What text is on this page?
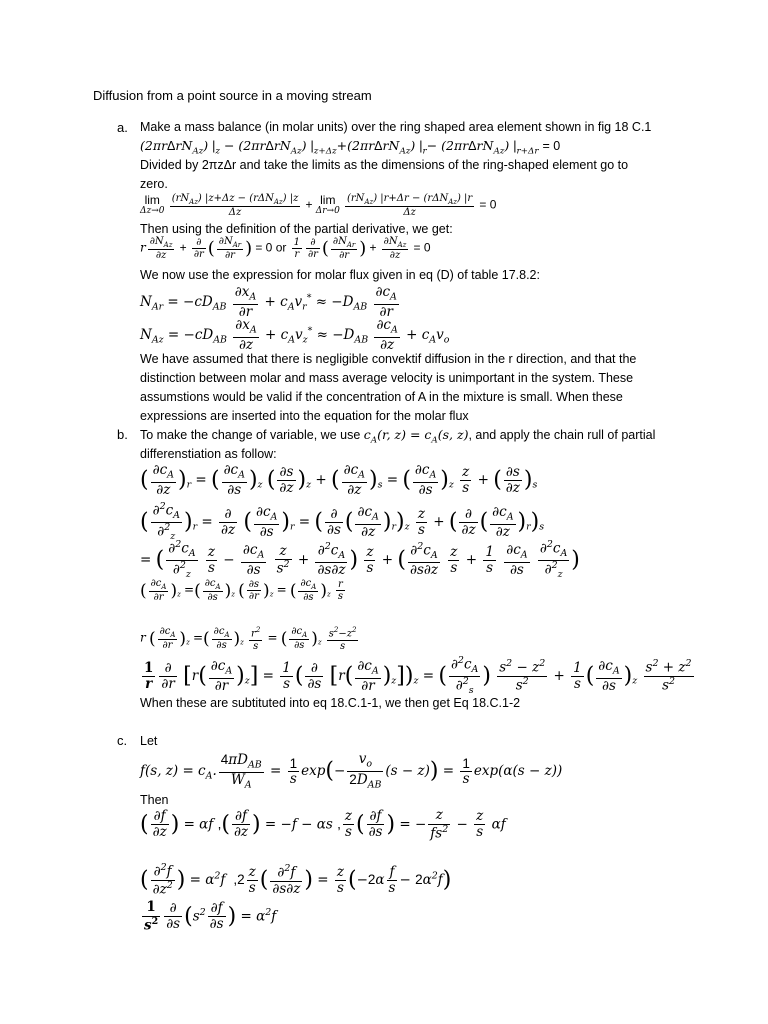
Diffusion from a point source in a moving stream
a. Make a mass balance (in molar units) over the ring shaped area element shown in fig 18 C.1
(2πrΔrN$_{Az}$) $|_z - (2\pi r\Delta rN_{Az})$ $|_{z+\Delta z}+(2\pi r\Delta rN_{Az})$ $|_r- (2\pi r\Delta rN_{Az}) |_{r+\Delta r} = 0$
Divided by 2πzΔr and take the limits as the dimensions of the ring-shaped element go to
zero.
lim
Δz→0
$\frac{(rN_{Az}) |z+\Delta z - (r\Delta N_{Az}) |z}{\Delta z} + \lim$
Δr→0
$\frac{(rN_{Az}) |r+\Delta r - (r\Delta N_{Az}) |r}{\Delta z} = 0$
Then using the definition of the partial derivative, we get:
r $\frac{\partial N_{Az}}{\partial z} + \frac{\partial}{\partial r}$ ( $\frac{\partial N_{Ar}}{\partial r}$ ) = 0 or $\frac{1}{r} \frac{\partial}{\partial r}$ ( $\frac{\partial N_{Ar}}{\partial r}$ ) + $\frac{\partial N_{Az}}{\partial z} = 0$
We now use the expression for molar flux given in eq (D) of table 17.8.2:
$N_{Ar} = -cD_{AB} \frac{\partial x_A}{\partial r} + c_Av_r^* \approx -D_{AB} \frac{\partial c_A}{\partial r}$
$N_{Az} = -cD_{AB} \frac{\partial x_A}{\partial z} + c_Av_z^* \approx -D_{AB} \frac{\partial c_A}{\partial z} + c_Av_o$
We have assumed that there is negligible convektif diffusion in the r direction, and that the
distinction between molar and mass average velocity is unimportant in the system. These
assumstions would be valid if the concentration of A in the mixture is small. When these
expressions are inserted into the equation for the molar flux
b. To make the change of variable, we use $c_A(r$, $z) = c_A(s$, z), and apply the chain rull of partial
differenstiation as follow:
( $\frac{\partial c_A}{\partial z} )_r$ = ( $\frac{\partial c_A}{\partial s} )_z$ ( $\frac{\partial s}{\partial z} )_z$ + ( $\frac{\partial c_A}{\partial z} )_s$ = ( $\frac{\partial c_A}{\partial s} )_z \frac{z}{s}$ + ( $\frac{\partial s}{\partial z} )_s$
( $\frac{\partial^2c_A}{\partial^2_z} )_r = \frac{\partial}{\partial z}$ ( $\frac{\partial c_A}{\partial s} )_r$ = ( $\frac{\partial}{\partial s}$ ( $\frac{\partial c_A}{\partial z} )_r)_z \frac{z}{s}$ + ( $\frac{\partial}{\partial z}$ ( $\frac{\partial c_A}{\partial z} )_r)_s$
= ( $\frac{\partial^2c_A}{\partial^2_z}$
$\frac{z}{s} - \frac{\partial c_A}{\partial s}$
$\frac{z}{s^2} + \frac{\partial^2c_A}{\partial s\partial z}$ ) $\frac{z}{s}$ + ( $\frac{\partial^2c_A}{\partial s\partial z}$
$\frac{z}{s} + \frac{1}{s}$
$\frac{\partial c_A}{\partial s}$
$\frac{\partial^2c_A}{\partial^2_z}$ )
( $\frac{\partial c_A}{\partial r} )_z$ =( $\frac{\partial c_A}{\partial s} )_z$ ( $\frac{\partial s}{\partial r} )_z$ = ( $\frac{\partial c_A}{\partial s} )_z \frac{r}{s}$
r ( $\frac{\partial c_A}{\partial r} )_z$ =( $\frac{\partial c_A}{\partial s} )_z \frac{r^2}{s}$ = ( $\frac{\partial c_A}{\partial s} )_z \frac{s^2-z^2}{s}$
$\frac{1}{r} \frac{\partial}{\partial r} [r( \frac{\partial c_A}{\partial r} )_z] = \frac{1}{s}$ ( $\frac{\partial}{\partial s} [r( \frac{\partial c_A}{\partial r} )_z])_z$ = ( $\frac{\partial^2c_A}{\partial^2_s}$ ) $\frac{s^2 - z^2}{s^2} + \frac{1}{s}$ ( $\frac{\partial c_A}{\partial s} )_z \frac{s^2 + z^2}{s^2}$
When these are subtituted into eq 18.C.1-1, we then get Eq 18.C.1-2
c. Let
f(s, $z) = c_A$. $\frac{4\pi D_{AB}}{W_A} = \frac{1}{s} \exp(- \frac{v_o}{2D_{AB}} (s - z)) = \frac{1}{s} \exp(\alpha(s - z))$
Then
( $\frac{\partial f}{\partial z}$ ) = αf ,( $\frac{\partial f}{\partial z}$ ) = −f − αs , $\frac{z}{s}$ ( $\frac{\partial f}{\partial s}$ ) = − $\frac{z}{fs^2} - \frac{z}{s}$ αf
( $\frac{\partial^2f}{\partial z^2}$ ) = $\alpha^2f$  $,2 \frac{z}{s}$ ( $\frac{\partial^2f}{\partial s\partial z}$ ) = $\frac{z}{s} (-2\alpha \frac{f}{s} - 2\alpha^2f)$
$\frac{1}{s^2} \frac{\partial}{\partial s} (s^2 \frac{\partial f}{\partial s}$ ) = $\alpha^2f$
